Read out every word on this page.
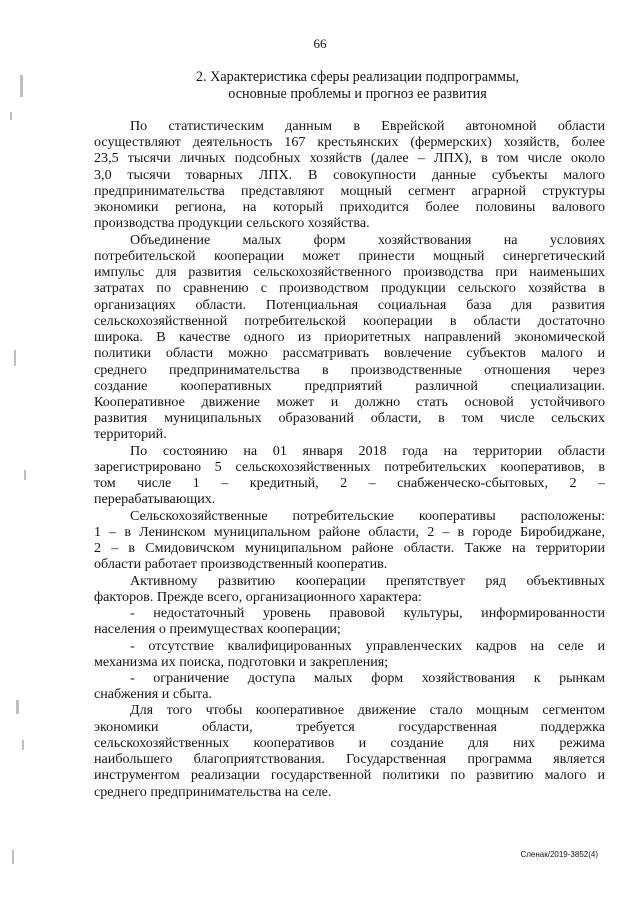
66
2. Характеристика сферы реализации подпрограммы,
основные проблемы и прогноз ее развития
По статистическим данным в Еврейской автономной области
осуществляют деятельность 167 крестьянских (фермерских) хозяйств, более
23,5 тысячи личных подсобных хозяйств (далее – ЛПХ), в том числе около
3,0 тысячи товарных ЛПХ. В совокупности данные субъекты малого
предпринимательства представляют мощный сегмент аграрной структуры
экономики региона, на который приходится более половины валового
производства продукции сельского хозяйства.
Объединение малых форм хозяйствования на условиях
потребительской кооперации может принести мощный синергетический
импульс для развития сельскохозяйственного производства при наименьших
затратах по сравнению с производством продукции сельского хозяйства в
организациях области. Потенциальная социальная база для развития
сельскохозяйственной потребительской кооперации в области достаточно
широка. В качестве одного из приоритетных направлений экономической
политики области можно рассматривать вовлечение субъектов малого и
среднего предпринимательства в производственные отношения через
создание кооперативных предприятий различной специализации.
Кооперативное движение может и должно стать основой устойчивого
развития муниципальных образований области, в том числе сельских
территорий.
По состоянию на 01 января 2018 года на территории области
зарегистрировано 5 сельскохозяйственных потребительских кооперативов, в
том числе 1 – кредитный, 2 – снабженческо-сбытовых, 2 –
перерабатывающих.
Сельскохозяйственные потребительские кооперативы расположены:
1 – в Ленинском муниципальном районе области, 2 – в городе Биробиджане,
2 – в Смидовичском муниципальном районе области. Также на территории
области работает производственный кооператив.
Активному развитию кооперации препятствует ряд объективных
факторов. Прежде всего, организационного характера:
- недостаточный уровень правовой культуры, информированности
населения о преимуществах кооперации;
- отсутствие квалифицированных управленческих кадров на селе и
механизма их поиска, подготовки и закрепления;
- ограничение доступа малых форм хозяйствования к рынкам
снабжения и сбыта.
Для того чтобы кооперативное движение стало мощным сегментом
экономики области, требуется государственная поддержка
сельскохозяйственных кооперативов и создание для них режима
наибольшего благоприятствования. Государственная программа является
инструментом реализации государственной политики по развитию малого и
среднего предпринимательства на селе.
Сленак/2019-3852(4)
